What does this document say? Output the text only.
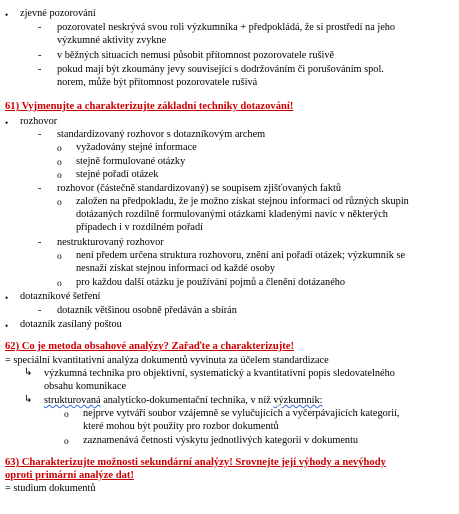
• zjevné pozorování
- pozorovatel neskrývá svou roli výzkumníka + předpokládá, že si prostředí na jeho
výzkumné aktivity zvykne
- v běžných situacích nemusí působit přítomnost pozorovatele rušivě
- pokud mají být zkoumány jevy související s dodržováním či porušováním spol.
norem, může být přítomnost pozorovatele rušivá
61) Vyjmenujte a charakterizujte základní techniky dotazování!
• rozhovor
- standardizovaný rozhovor s dotazníkovým archem
o vyžadovány stejné informace
o stejně formulované otázky
o stejné pořadí otázek
- rozhovor (částečně standardizovaný) se soupisem zjišťovaných faktů
o založen na předpokladu, že je možno získat stejnou informaci od různých skupin
dotázaných rozdílně formulovanými otázkami kladenými navíc v některých
případech i v rozdílném pořadí
- nestrukturovaný rozhovor
o není předem určena struktura rozhovoru, znění ani pořadí otázek; výzkumník se
nesnaží získat stejnou informaci od každé osoby
o pro každou další otázku je používání pojmů a členění dotázaného
• dotazníkové šetření
- dotazník většinou osobně předáván a sbírán
• dotazník zasílaný poštou
62) Co je metoda obsahové analýzy? Zařaďte a charakterizujte!
= speciální kvantitativní analýza dokumentů vyvinuta za účelem standardizace
↳ výzkumná technika pro objektivní, systematický a kvantitativní popis sledovatelného
obsahu komunikace
↳ strukturovaná analyticko-dokumentační technika, v níž výzkumník:
o nejprve vytváří soubor vzájemně se vylučujících a vyčerpávajících kategorií,
které mohou být použity pro rozbor dokumentů
o zaznamenává četnosti výskytu jednotlivých kategorií v dokumentu
63) Charakterizujte možnosti sekundární analýzy! Srovnejte její výhody a nevýhody
oproti primární analýze dat!
= studium dokumentů
